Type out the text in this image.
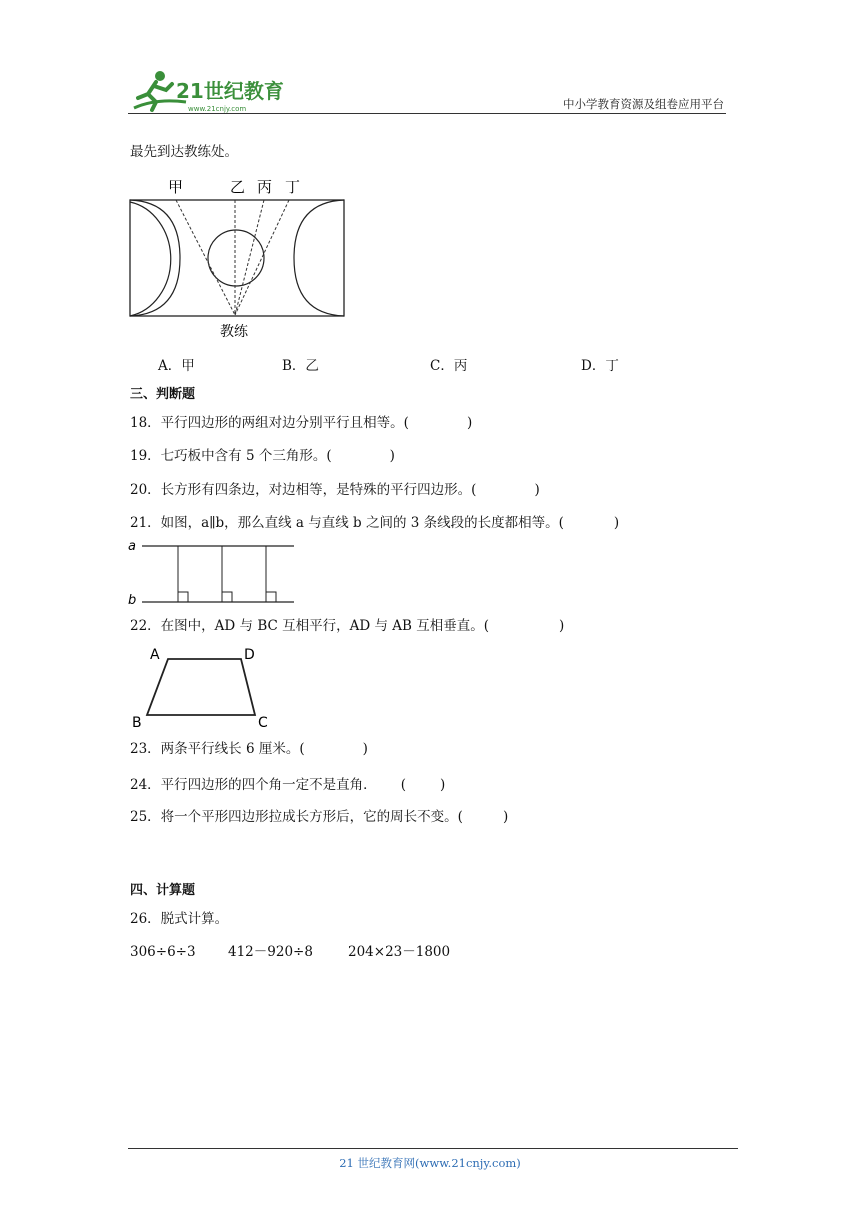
21世纪教育
www.21cnjy.com	中小学教育资源及组卷应用平台
最先到达教练处。
甲	乙 丙 丁
教练
A．甲	B．乙	C．丙	D．丁
三、判断题
18．平行四边形的两组对边分别平行且相等。(	)
19．七巧板中含有 5 个三角形。(	)
20．长方形有四条边，对边相等，是特殊的平行四边形。(	)
21．如图，a∥b，那么直线 a 与直线 b 之间的 3 条线段的长度都相等。(	)
a
b
22．在图中，AD 与 BC 互相平行，AD 与 AB 互相垂直。(	)
A	D
B	C
23．两条平行线长 6 厘米。(	)
24．平行四边形的四个角一定不是直角． (	)
25．将一个平形四边形拉成长方形后，它的周长不变。(	)
四、计算题
26．脱式计算。
306÷6÷3 412－920÷8	204×23－1800
21 世纪教育网(www.21cnjy.com)
